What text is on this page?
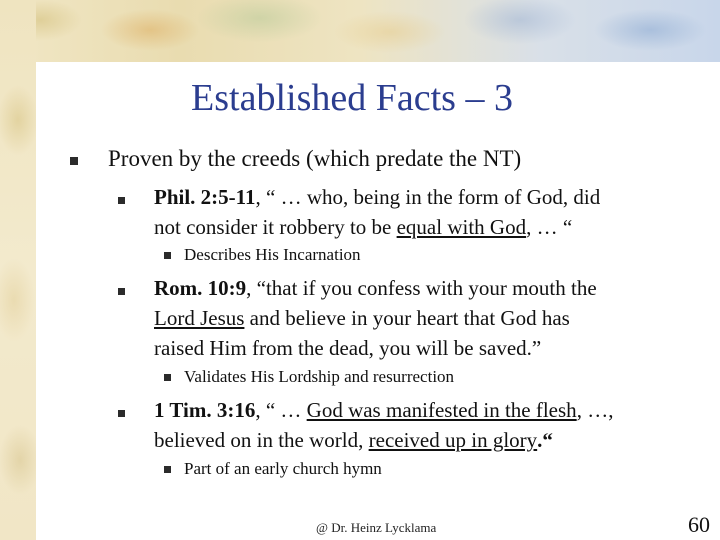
Established Facts – 3
Proven by the creeds (which predate the NT)
Phil. 2:5-11, “ … who, being in the form of God, did
not consider it robbery to be equal with God, … “
Describes His Incarnation
Rom. 10:9, “that if you confess with your mouth the
Lord Jesus and believe in your heart that God has
raised Him from the dead, you will be saved.”
Validates His Lordship and resurrection
1 Tim. 3:16, “ … God was manifested in the flesh, …,
believed on in the world, received up in glory.“
Part of an early church hymn
@ Dr. Heinz Lycklama	60
